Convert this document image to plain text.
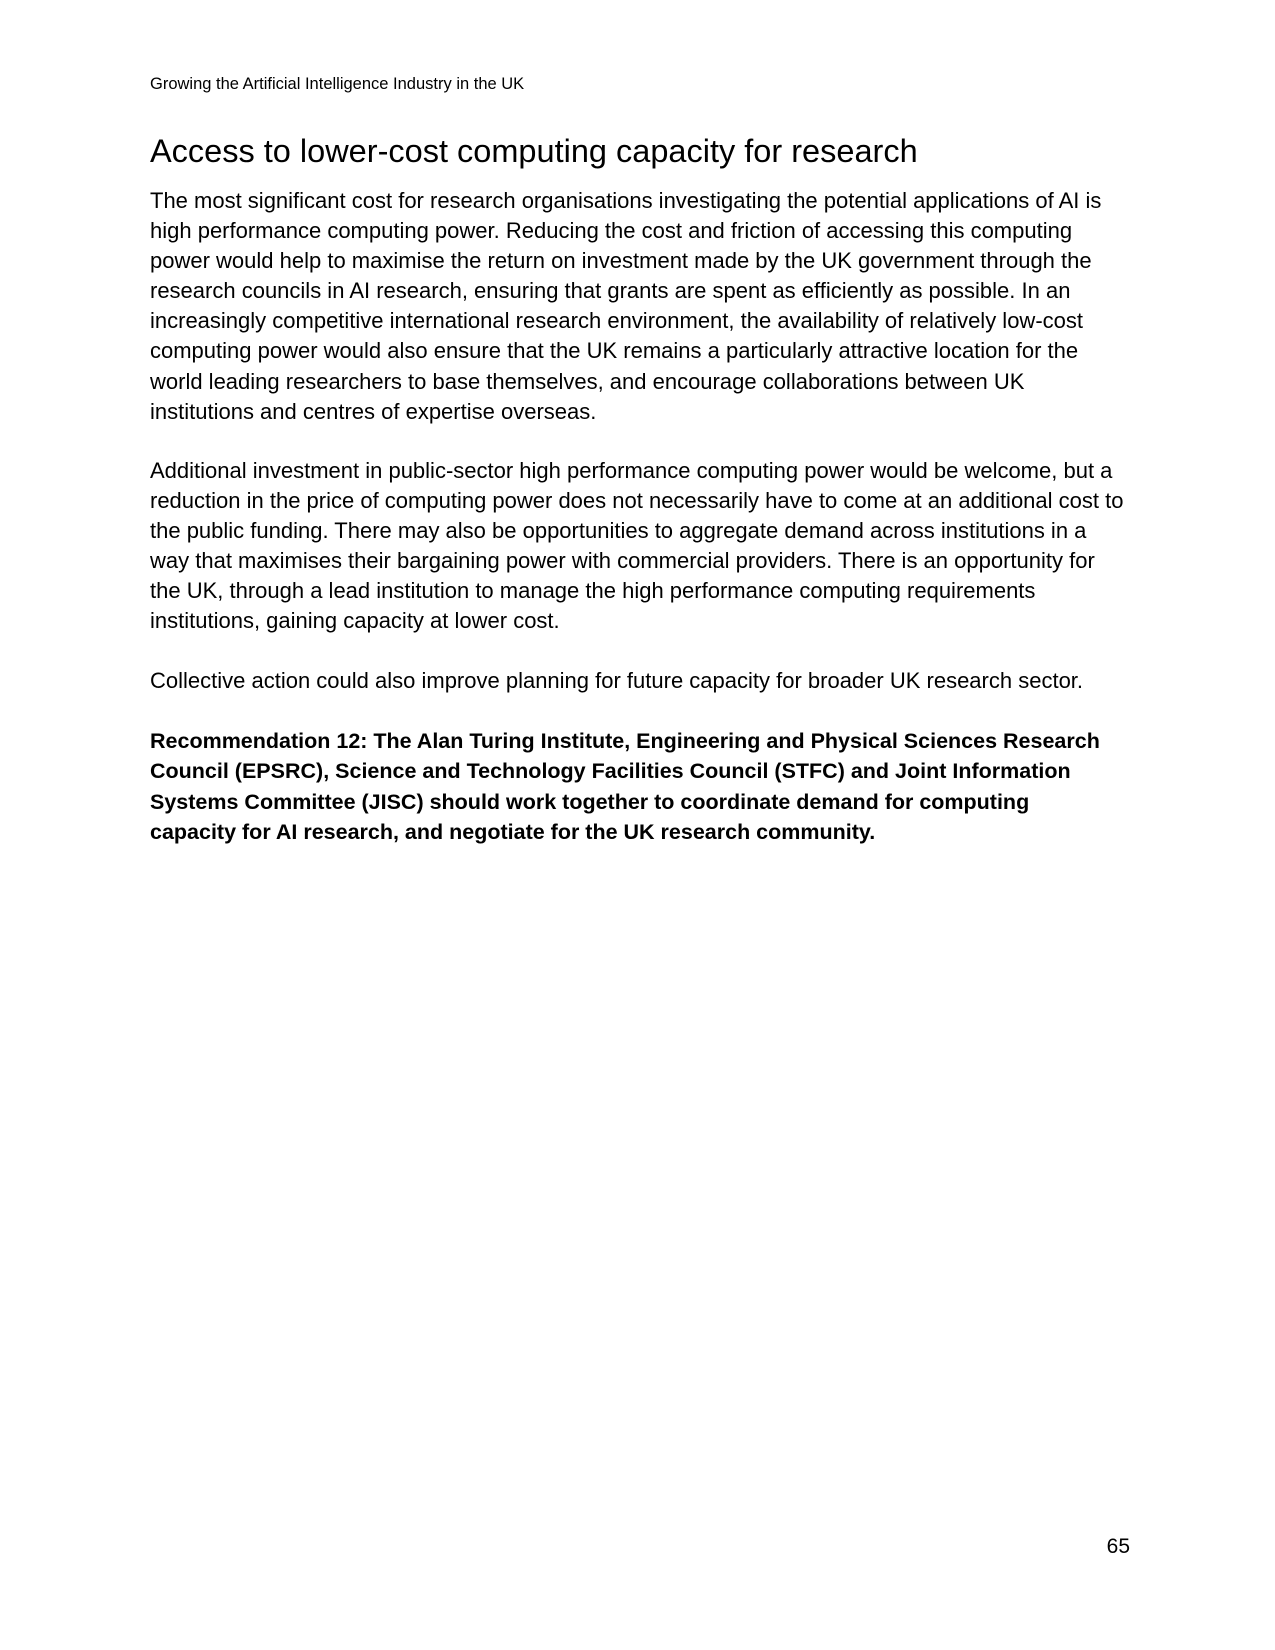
Growing the Artificial Intelligence Industry in the UK

Access to lower-cost computing capacity for research

The most significant cost for research organisations investigating the potential applications of AI is high performance computing power. Reducing the cost and friction of accessing this computing power would help to maximise the return on investment made by the UK government through the research councils in AI research, ensuring that grants are spent as efficiently as possible. In an increasingly competitive international research environment, the availability of relatively low-cost computing power would also ensure that the UK remains a particularly attractive location for the world leading researchers to base themselves, and encourage collaborations between UK institutions and centres of expertise overseas.

Additional investment in public-sector high performance computing power would be welcome, but a reduction in the price of computing power does not necessarily have to come at an additional cost to the public funding. There may also be opportunities to aggregate demand across institutions in a way that maximises their bargaining power with commercial providers. There is an opportunity for the UK, through a lead institution to manage the high performance computing requirements institutions, gaining capacity at lower cost.

Collective action could also improve planning for future capacity for broader UK research sector.

Recommendation 12: The Alan Turing Institute, Engineering and Physical Sciences Research Council (EPSRC), Science and Technology Facilities Council (STFC) and Joint Information Systems Committee (JISC) should work together to coordinate demand for computing capacity for AI research, and negotiate for the UK research community.

65
